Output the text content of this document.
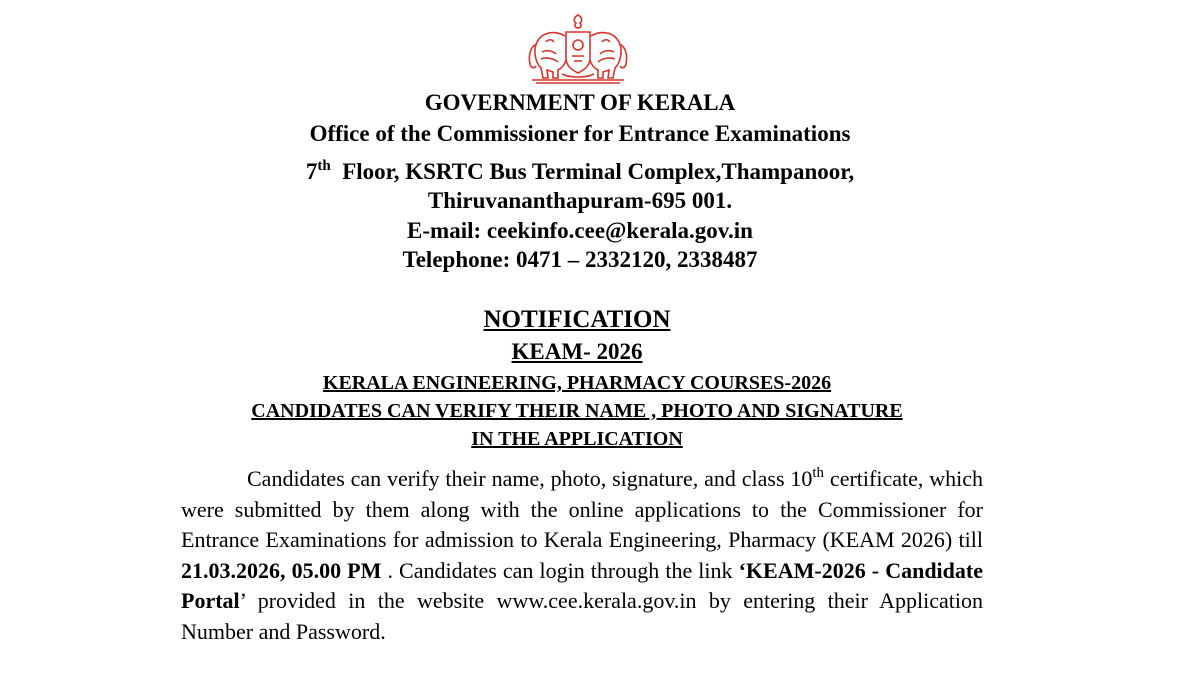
GOVERNMENT OF KERALA
Office of the Commissioner for Entrance Examinations
7th Floor, KSRTC Bus Terminal Complex,Thampanoor,
Thiruvananthapuram-695 001.
E-mail: ceekinfo.cee@kerala.gov.in
Telephone: 0471 – 2332120, 2338487
NOTIFICATION
KEAM- 2026
KERALA ENGINEERING, PHARMACY COURSES-2026
CANDIDATES CAN VERIFY THEIR NAME , PHOTO AND SIGNATURE
IN THE APPLICATION

Candidates can verify their name, photo, signature, and class 10th certificate, which were submitted by them along with the online applications to the Commissioner for Entrance Examinations for admission to Kerala Engineering, Pharmacy (KEAM 2026) till 21.03.2026, 05.00 PM . Candidates can login through the link ‘KEAM-2026 - Candidate Portal’ provided in the website www.cee.kerala.gov.in by entering their Application Number and Password.
